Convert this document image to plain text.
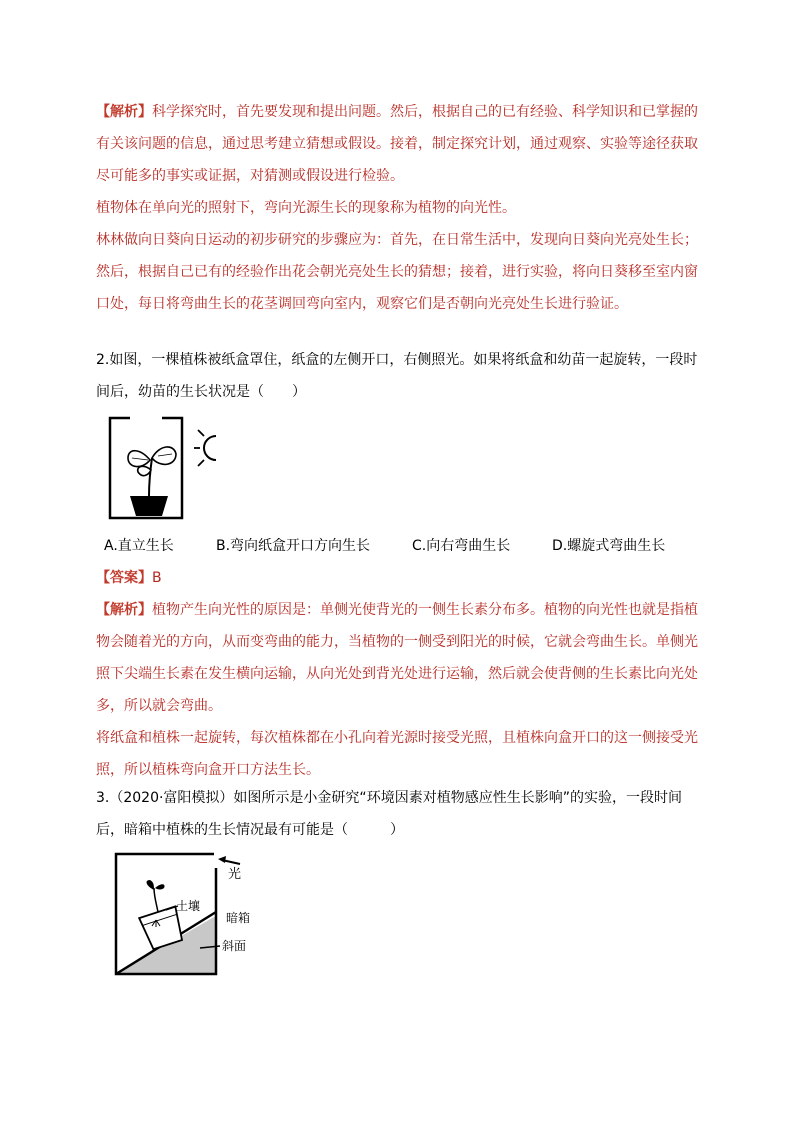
【解析】科学探究时，首先要发现和提出问题。然后，根据自己的已有经验、科学知识和已掌握的
有关该问题的信息，通过思考建立猜想或假设。接着，制定探究计划，通过观察、实验等途径获取
尽可能多的事实或证据，对猜测或假设进行检验。
植物体在单向光的照射下，弯向光源生长的现象称为植物的向光性。
林林做向日葵向日运动的初步研究的步骤应为：首先，在日常生活中，发现向日葵向光亮处生长；
然后，根据自己已有的经验作出花会朝光亮处生长的猜想；接着，进行实验，将向日葵移至室内窗
口处，每日将弯曲生长的花茎调回弯向室内，观察它们是否朝向光亮处生长进行验证。
2.如图，一棵植株被纸盒罩住，纸盒的左侧开口，右侧照光。如果将纸盒和幼苗一起旋转，一段时
间后，幼苗的生长状况是（　　）
A.直立生长	B.弯向纸盒开口方向生长	C.向右弯曲生长	D.螺旋式弯曲生长
【答案】B
【解析】植物产生向光性的原因是：单侧光使背光的一侧生长素分布多。植物的向光性也就是指植
物会随着光的方向，从而变弯曲的能力，当植物的一侧受到阳光的时候，它就会弯曲生长。单侧光
照下尖端生长素在发生横向运输，从向光处到背光处进行运输，然后就会使背侧的生长素比向光处
多，所以就会弯曲。
将纸盒和植株一起旋转，每次植株都在小孔向着光源时接受光照，且植株向盒开口的这一侧接受光
照，所以植株弯向盒开口方法生长。
3.（2020·富阳模拟）如图所示是小金研究“环境因素对植物感应性生长影响”的实验，一段时间
后，暗箱中植株的生长情况最有可能是（　　　）
光
土壤
暗箱
斜面
